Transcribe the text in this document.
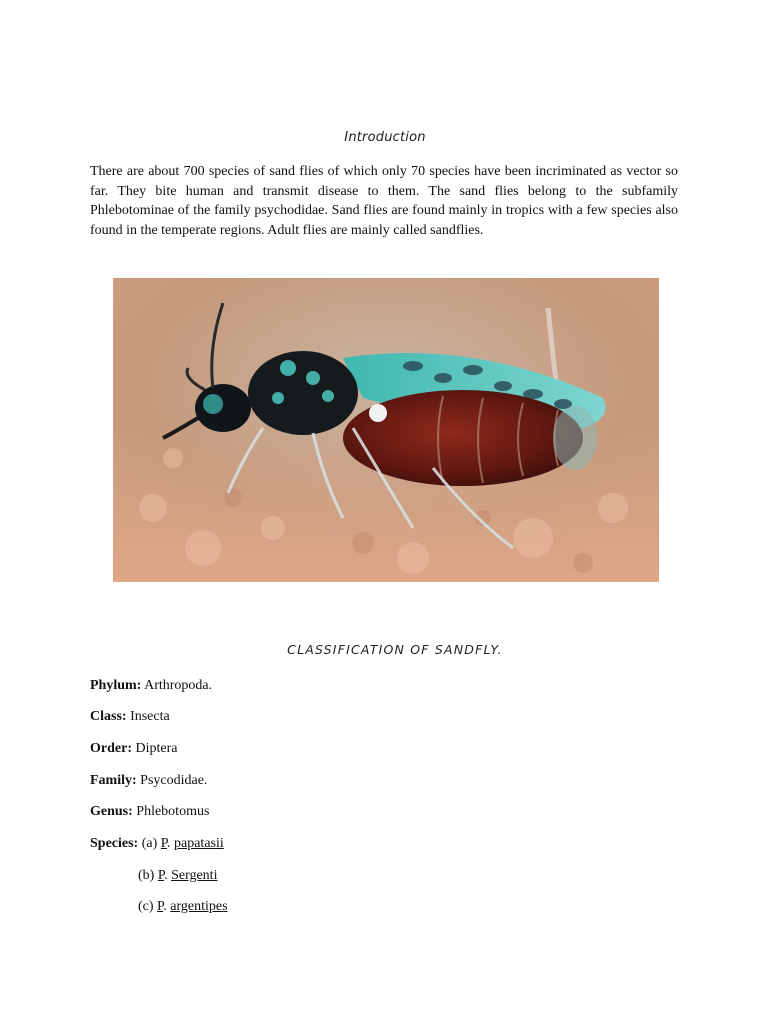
Introduction
There are about 700 species of sand flies of which only 70 species have been incriminated as vector so far. They bite human and transmit disease to them. The sand flies belong to the subfamily Phlebotominae of the family psychodidae. Sand flies are found mainly in tropics with a few species also found in the temperate regions. Adult flies are mainly called sandflies.
CLASSIFICATION OF SANDFLY.
Phylum: Arthropoda.
Class: Insecta
Order: Diptera
Family: Psycodidae.
Genus: Phlebotomus
Species: (a) P. papatasii
(b) P. Sergenti
(c) P. argentipes
